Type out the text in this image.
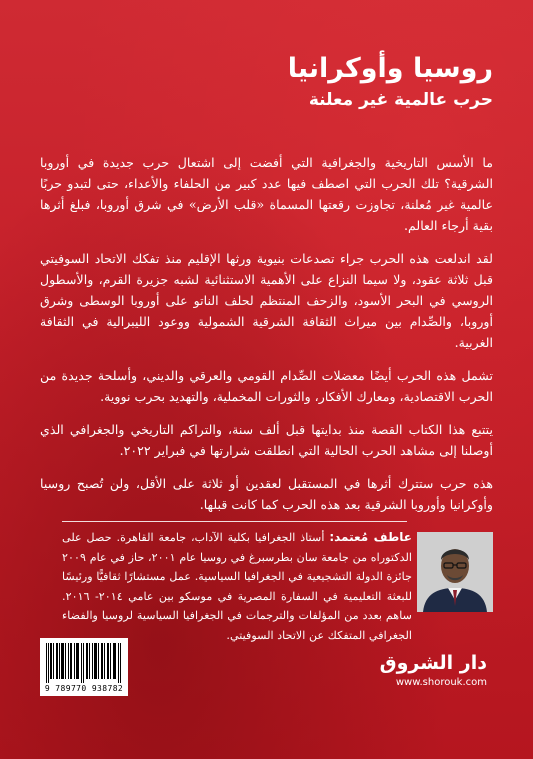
روسيا وأوكرانيا
حرب عالمية غير معلنة

ما الأسس التاريخية والجغرافية التي أفضت إلى اشتعال حرب جديدة في أوروبا الشرقية؟ تلك الحرب التي اصطف فيها عدد كبير من الحلفاء والأعداء، حتى لتبدو حربًا عالمية غير مُعلنة، تجاوزت رقعتها المسماة «قلب الأرض» في شرق أوروبا، فبلغ أثرها بقية أرجاء العالم.

لقد اندلعت هذه الحرب جراء تصدعات بنيوية ورثها الإقليم منذ تفكك الاتحاد السوفيتي قبل ثلاثة عقود، ولا سيما النزاع على الأهمية الاستثنائية لشبه جزيرة القرم، والأسطول الروسي في البحر الأسود، والزحف المنتظم لحلف الناتو على أوروبا الوسطى وشرق أوروبا، والصِّدام بين ميراث الثقافة الشرقية الشمولية ووعود الليبرالية في الثقافة الغربية.

تشمل هذه الحرب أيضًا معضلات الصِّدام القومي والعرقي والديني، وأسلحة جديدة من الحرب الاقتصادية، ومعارك الأفكار، والثورات المخملية، والتهديد بحرب نووية.

يتتبع هذا الكتاب القصة منذ بدايتها قبل ألف سنة، والتراكم التاريخي والجغرافي الذي أوصلنا إلى مشاهد الحرب الحالية التي انطلقت شرارتها في فبراير ٢٠٢٢.

هذه حرب ستترك أثرها في المستقبل لعقدين أو ثلاثة على الأقل، ولن تُصبح روسيا وأوكرانيا وأوروبا الشرقية بعد هذه الحرب كما كانت قبلها.

عاطف مُعتمد: أستاذ الجغرافيا بكلية الآداب، جامعة القاهرة. حصل على الدكتوراه من جامعة سان بطرسبرغ في روسيا عام ٢٠٠١، حاز في عام ٢٠٠٩ جائزة الدولة التشجيعية في الجغرافيا السياسية. عمل مستشارًا ثقافيًّا ورئيسًا للبعثة التعليمية في السفارة المصرية في موسكو بين عامي ٢٠١٤- ٢٠١٦. ساهم بعدد من المؤلفات والترجمات في الجغرافيا السياسية لروسيا والفضاء الجغرافي المتفكك عن الاتحاد السوفيتي.
9 789770 938782
دار الشروق
www.shorouk.com
